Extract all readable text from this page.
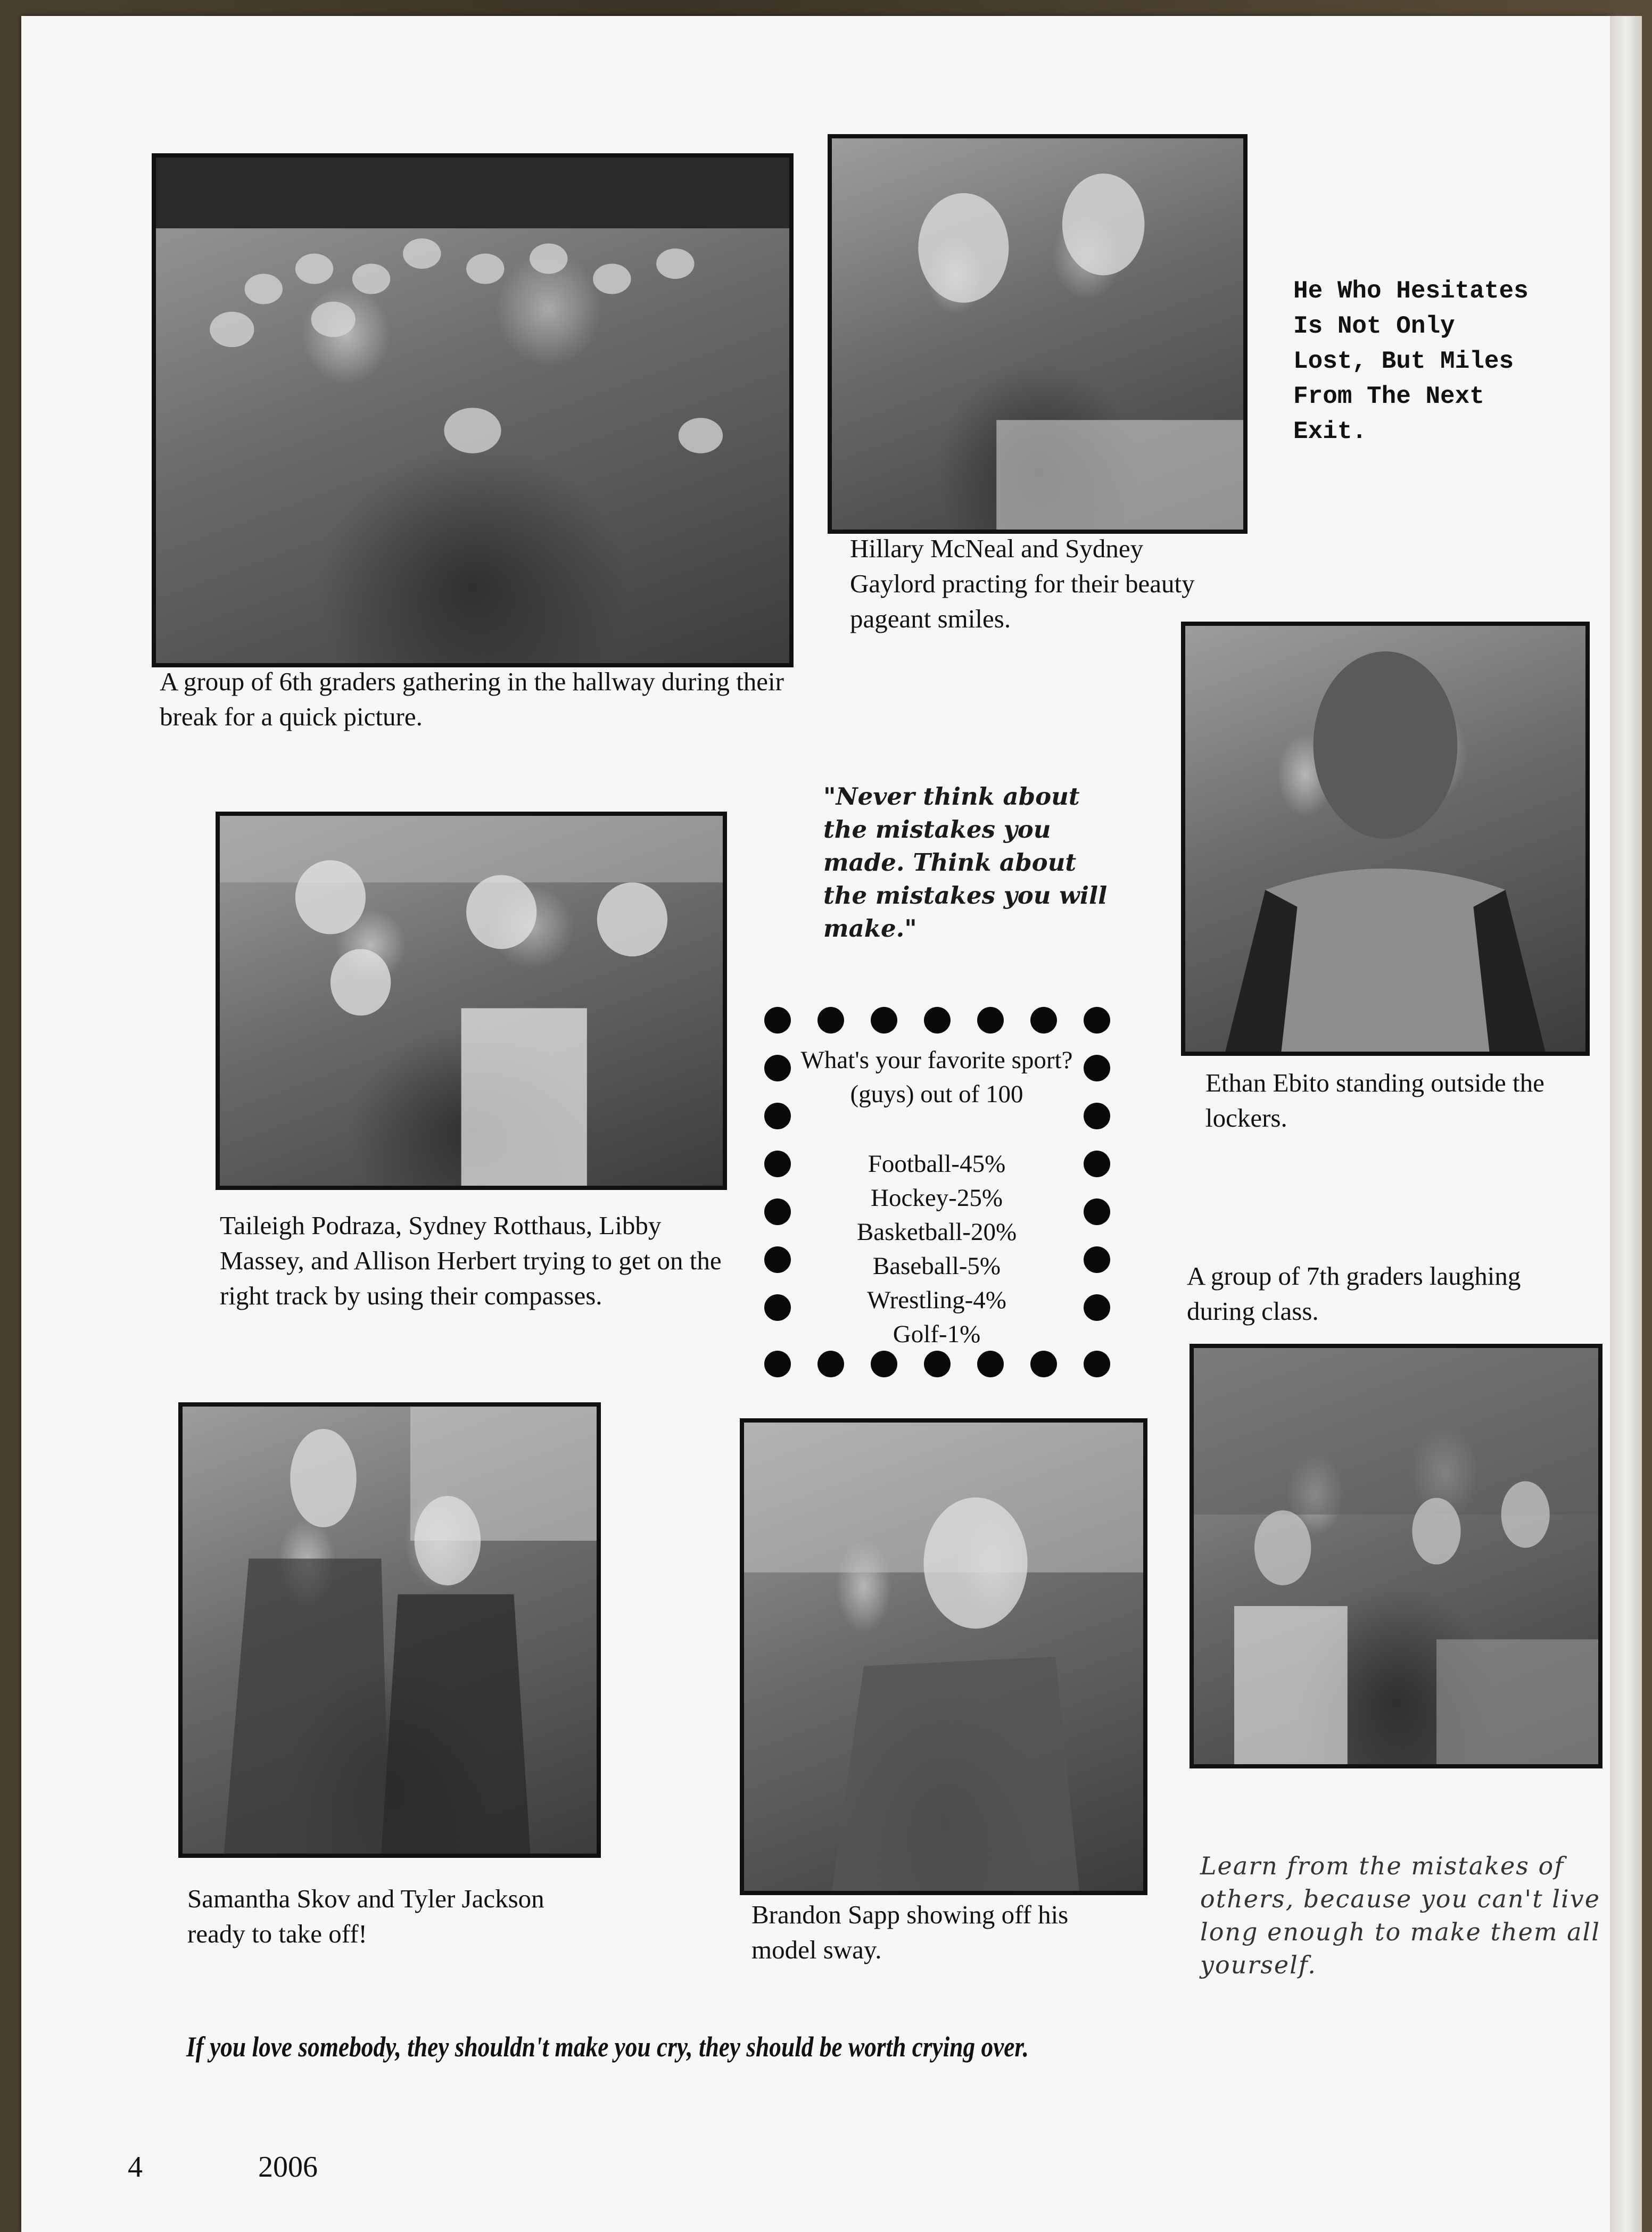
A group of 6th graders gathering in the hallway during their break for a quick picture.
Hillary McNeal and Sydney Gaylord practing for their beauty pageant smiles.
He Who Hesitates
Is Not Only
Lost, But Miles
From The Next
Exit.
Ethan Ebito standing outside the lockers.
Taileigh Podraza, Sydney Rotthaus, Libby Massey, and Allison Herbert trying to get on the right track by using their compasses.
"Never think about the mistakes you made. Think about the mistakes you will make."
What's your favorite sport? (guys) out of 100
Football-45%
Hockey-25%
Basketball-20%
Baseball-5%
Wrestling-4%
Golf-1%
A group of 7th graders laughing during class.
Samantha Skov and Tyler Jackson ready to take off!
Brandon Sapp showing off his model sway.
Learn from the mistakes of others, because you can't live long enough to make them all yourself.
If you love somebody, they shouldn't make you cry, they should be worth crying over.
4	2006
